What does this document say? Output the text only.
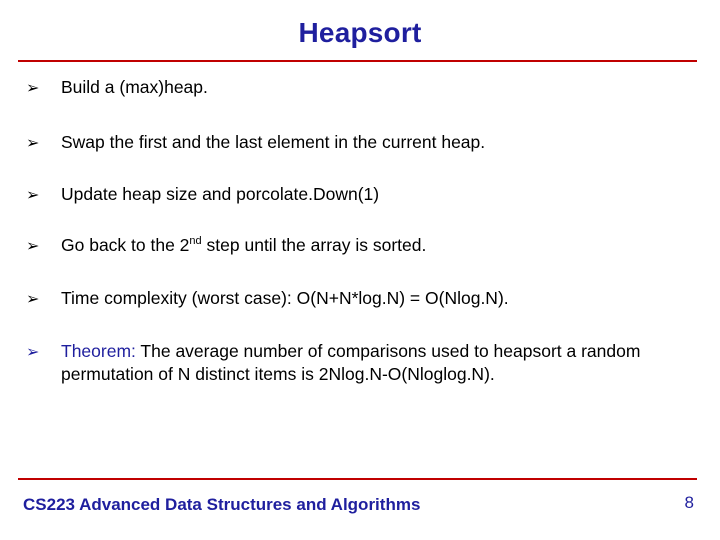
Heapsort
➢	Build a (max)heap.
➢	Swap the first and the last element in the current heap.
➢	Update heap size and porcolate.Down(1)
➢	Go back to the 2nd step until the array is sorted.
➢	Time complexity (worst case): O(N+N*log.N) = O(Nlog.N).
➢	Theorem: The average number of comparisons used to heapsort a random permutation of N distinct items is 2Nlog.N-O(Nloglog.N).
CS223 Advanced Data Structures and Algorithms	8
